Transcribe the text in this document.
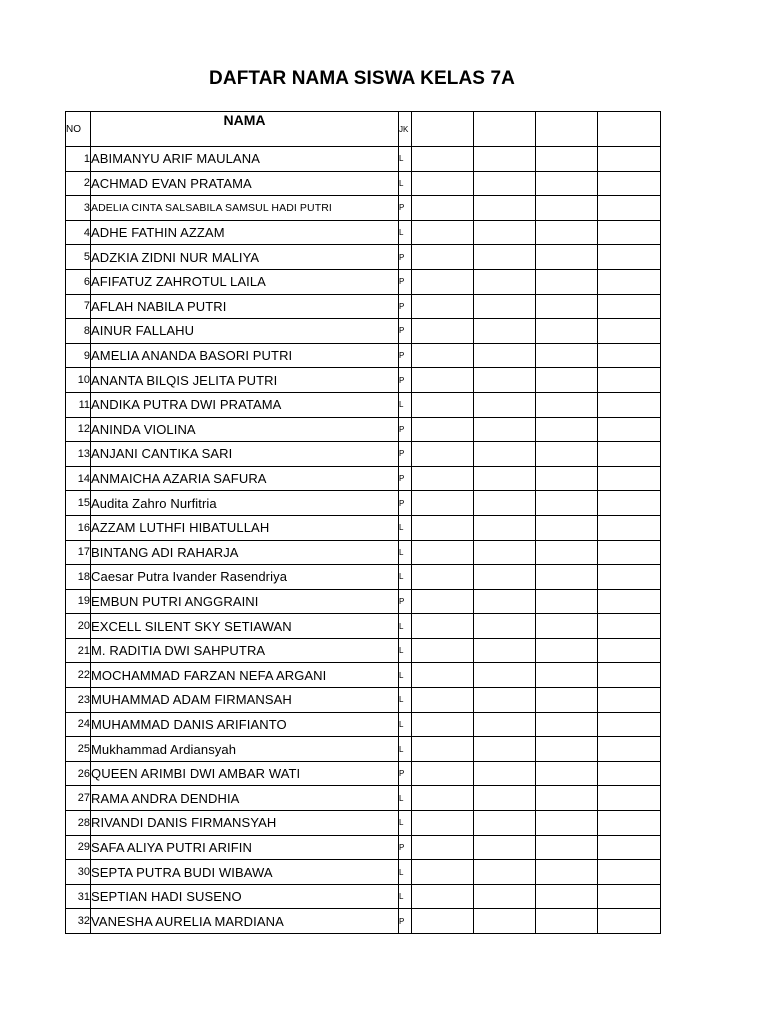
DAFTAR NAMA SISWA KELAS 7A
NO	NAMA	JK				
1	ABIMANYU ARIF MAULANA	L				
2	ACHMAD EVAN PRATAMA	L				
3	ADELIA CINTA SALSABILA SAMSUL HADI PUTRI	P				
4	ADHE FATHIN AZZAM	L				
5	ADZKIA ZIDNI NUR MALIYA	P				
6	AFIFATUZ ZAHROTUL LAILA	P				
7	AFLAH NABILA PUTRI	P				
8	AINUR FALLAHU	P				
9	AMELIA ANANDA BASORI PUTRI	P				
10	ANANTA BILQIS JELITA PUTRI	P				
11	ANDIKA PUTRA DWI PRATAMA	L				
12	ANINDA VIOLINA	P				
13	ANJANI CANTIKA SARI	P				
14	ANMAICHA AZARIA SAFURA	P				
15	Audita Zahro Nurfitria	P				
16	AZZAM LUTHFI HIBATULLAH	L				
17	BINTANG ADI RAHARJA	L				
18	Caesar Putra Ivander Rasendriya	L				
19	EMBUN PUTRI ANGGRAINI	P				
20	EXCELL SILENT SKY SETIAWAN	L				
21	M. RADITIA DWI SAHPUTRA	L				
22	MOCHAMMAD FARZAN NEFA ARGANI	L				
23	MUHAMMAD ADAM FIRMANSAH	L				
24	MUHAMMAD DANIS ARIFIANTO	L				
25	Mukhammad Ardiansyah	L				
26	QUEEN ARIMBI DWI AMBAR WATI	P				
27	RAMA ANDRA DENDHIA	L				
28	RIVANDI DANIS FIRMANSYAH	L				
29	SAFA ALIYA PUTRI ARIFIN	P				
30	SEPTA PUTRA BUDI WIBAWA	L				
31	SEPTIAN HADI SUSENO	L				
32	VANESHA AURELIA MARDIANA	P				
